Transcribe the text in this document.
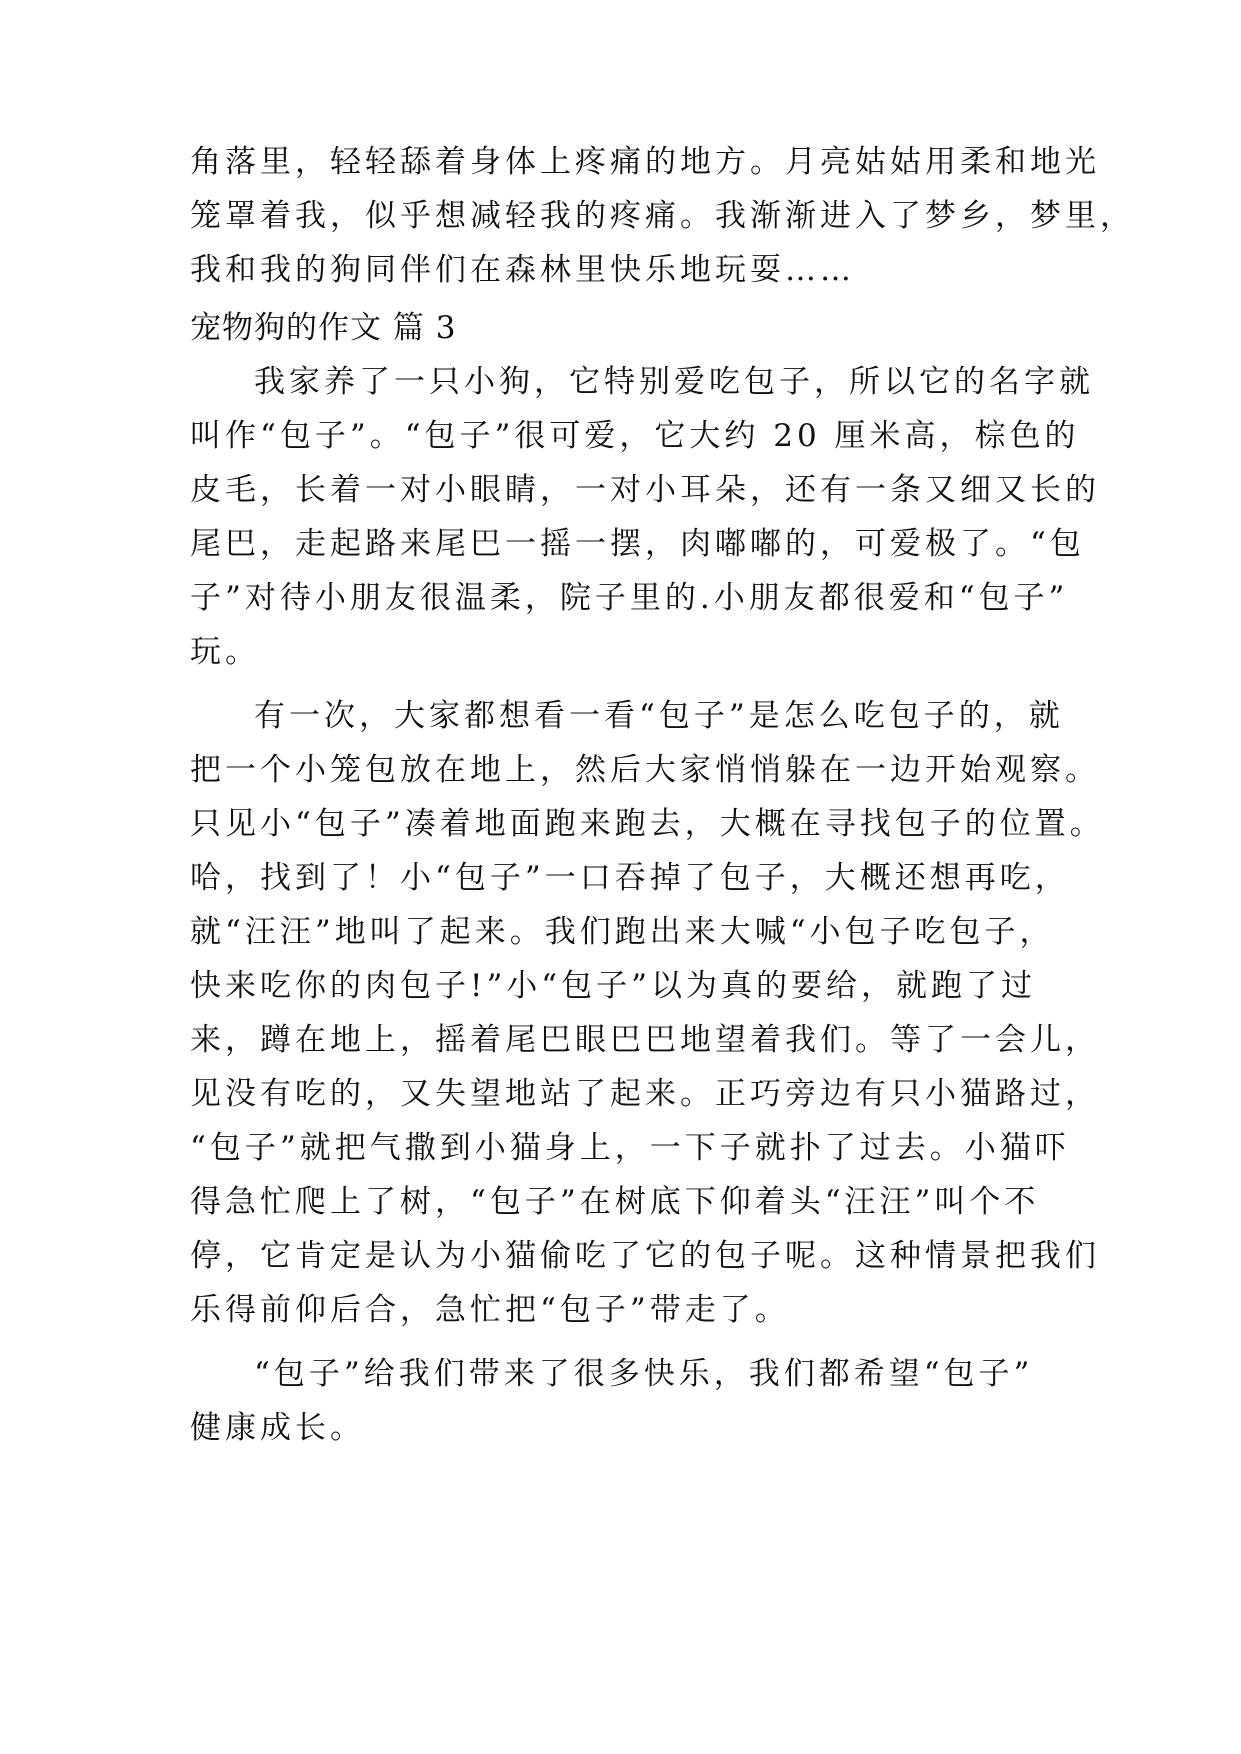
角落里，轻轻舔着身体上疼痛的地方。月亮姑姑用柔和地光
笼罩着我，似乎想减轻我的疼痛。我渐渐进入了梦乡，梦里，
我和我的狗同伴们在森林里快乐地玩耍……
宠物狗的作文 篇 3
我家养了一只小狗，它特别爱吃包子，所以它的名字就
叫作“包子”。“包子”很可爱，它大约 20 厘米高，棕色的
皮毛，长着一对小眼睛，一对小耳朵，还有一条又细又长的
尾巴，走起路来尾巴一摇一摆，肉嘟嘟的，可爱极了。“包
子”对待小朋友很温柔，院子里的.小朋友都很爱和“包子”
玩。
有一次，大家都想看一看“包子”是怎么吃包子的，就
把一个小笼包放在地上，然后大家悄悄躲在一边开始观察。
只见小“包子”凑着地面跑来跑去，大概在寻找包子的位置。
哈，找到了！小“包子”一口吞掉了包子，大概还想再吃，
就“汪汪”地叫了起来。我们跑出来大喊“小包子吃包子，
快来吃你的肉包子!”小“包子”以为真的要给，就跑了过
来，蹲在地上，摇着尾巴眼巴巴地望着我们。等了一会儿，
见没有吃的，又失望地站了起来。正巧旁边有只小猫路过，
“包子”就把气撒到小猫身上，一下子就扑了过去。小猫吓
得急忙爬上了树，“包子”在树底下仰着头“汪汪”叫个不
停，它肯定是认为小猫偷吃了它的包子呢。这种情景把我们
乐得前仰后合，急忙把“包子”带走了。
“包子”给我们带来了很多快乐，我们都希望“包子”
健康成长。
